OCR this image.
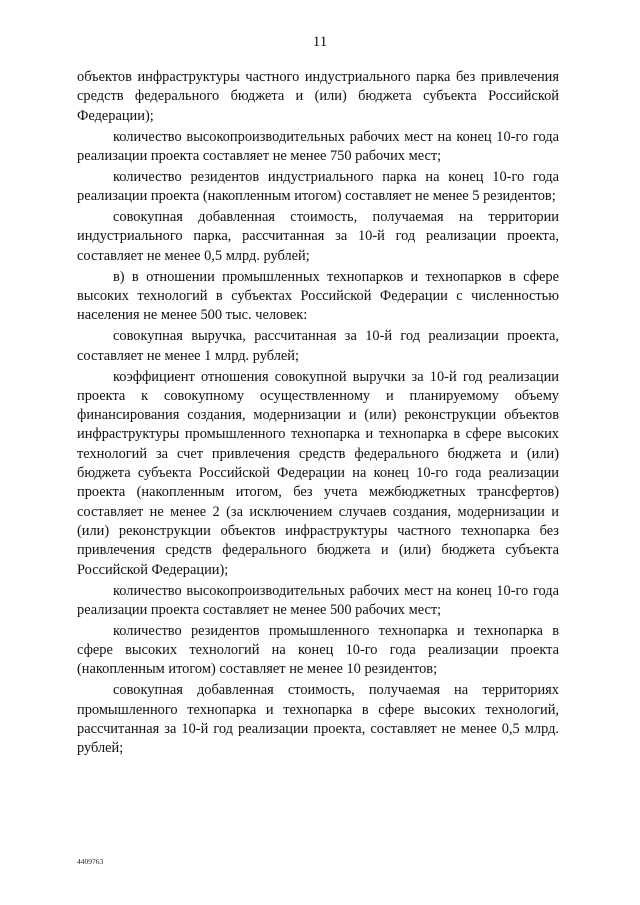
11

объектов инфраструктуры частного индустриального парка без привлечения средств федерального бюджета и (или) бюджета субъекта Российской Федерации);

количество высокопроизводительных рабочих мест на конец 10-го года реализации проекта составляет не менее 750 рабочих мест;

количество резидентов индустриального парка на конец 10-го года реализации проекта (накопленным итогом) составляет не менее 5 резидентов;

совокупная добавленная стоимость, получаемая на территории индустриального парка, рассчитанная за 10-й год реализации проекта, составляет не менее 0,5 млрд. рублей;

в) в отношении промышленных технопарков и технопарков в сфере высоких технологий в субъектах Российской Федерации с численностью населения не менее 500 тыс. человек:

совокупная выручка, рассчитанная за 10-й год реализации проекта, составляет не менее 1 млрд. рублей;

коэффициент отношения совокупной выручки за 10-й год реализации проекта к совокупному осуществленному и планируемому объему финансирования создания, модернизации и (или) реконструкции объектов инфраструктуры промышленного технопарка и технопарка в сфере высоких технологий за счет привлечения средств федерального бюджета и (или) бюджета субъекта Российской Федерации на конец 10-го года реализации проекта (накопленным итогом, без учета межбюджетных трансфертов) составляет не менее 2 (за исключением случаев создания, модернизации и (или) реконструкции объектов инфраструктуры частного технопарка без привлечения средств федерального бюджета и (или) бюджета субъекта Российской Федерации);

количество высокопроизводительных рабочих мест на конец 10-го года реализации проекта составляет не менее 500 рабочих мест;

количество резидентов промышленного технопарка и технопарка в сфере высоких технологий на конец 10-го года реализации проекта (накопленным итогом) составляет не менее 10 резидентов;

совокупная добавленная стоимость, получаемая на территориях промышленного технопарка и технопарка в сфере высоких технологий, рассчитанная за 10-й год реализации проекта, составляет не менее 0,5 млрд. рублей;

4409763
